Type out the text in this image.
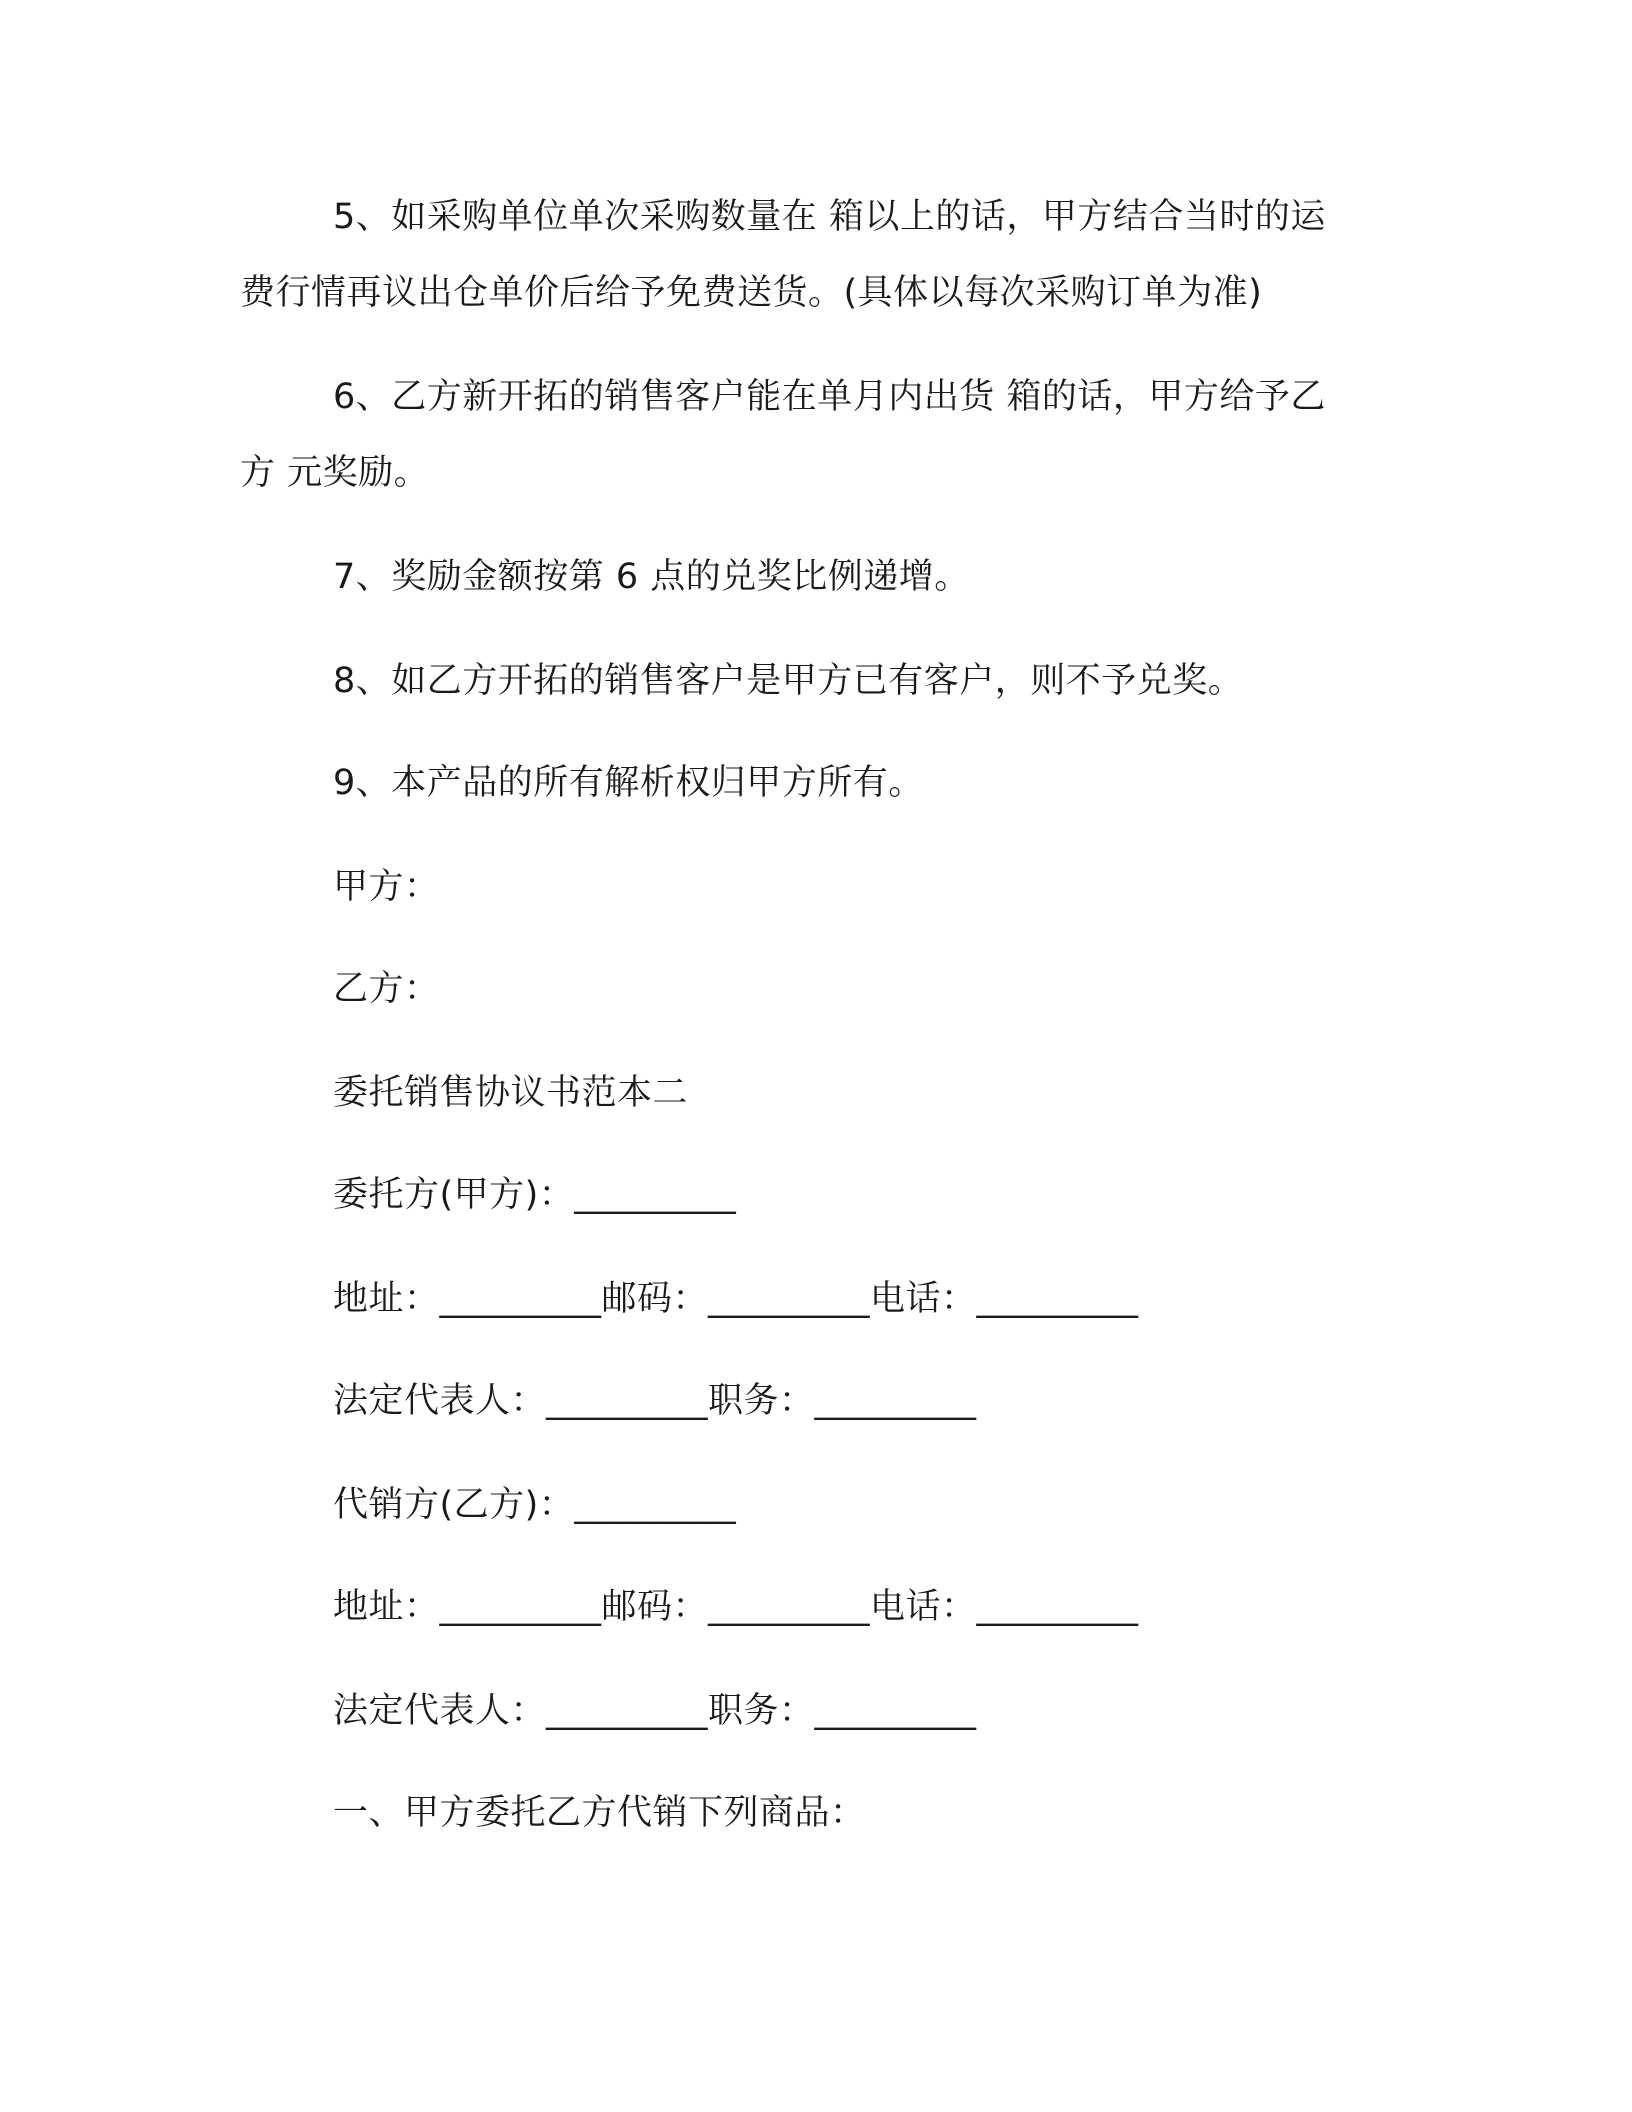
5、如采购单位单次采购数量在 箱以上的话，甲方结合当时的运
费行情再议出仓单价后给予免费送货。(具体以每次采购订单为准)
6、乙方新开拓的销售客户能在单月内出货 箱的话，甲方给予乙
方 元奖励。
7、奖励金额按第 6 点的兑奖比例递增。
8、如乙方开拓的销售客户是甲方已有客户，则不予兑奖。
9、本产品的所有解析权归甲方所有。
甲方：
乙方：
委托销售协议书范本二
委托方(甲方)：_________
地址：_________邮码：_________电话：_________
法定代表人：_________职务：_________
代销方(乙方)：_________
地址：_________邮码：_________电话：_________
法定代表人：_________职务：_________
一、甲方委托乙方代销下列商品：
